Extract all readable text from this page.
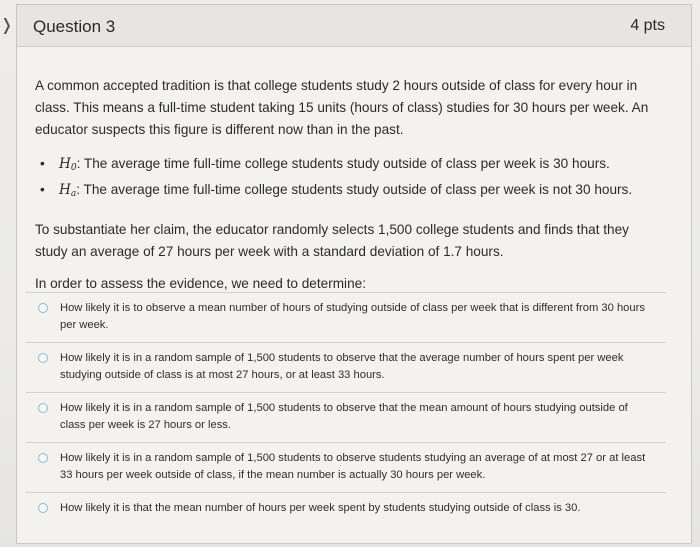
❭ Question 3	4 pts

A common accepted tradition is that college students study 2 hours outside of class for every hour in class. This means a full-time student taking 15 units (hours of class) studies for 30 hours per week. An educator suspects this figure is different now than in the past.

• $H_0$: The average time full-time college students study outside of class per week is 30 hours.
• $H_a$: The average time full-time college students study outside of class per week is not 30 hours.

To substantiate her claim, the educator randomly selects 1,500 college students and finds that they study an average of 27 hours per week with a standard deviation of 1.7 hours.

In order to assess the evidence, we need to determine:

How likely it is to observe a mean number of hours of studying outside of class per week that is different from 30 hours per week.
How likely it is in a random sample of 1,500 students to observe that the average number of hours spent per week studying outside of class is at most 27 hours, or at least 33 hours.
How likely it is in a random sample of 1,500 students to observe that the mean amount of hours studying outside of class per week is 27 hours or less.
How likely it is in a random sample of 1,500 students to observe students studying an average of at most 27 or at least 33 hours per week outside of class, if the mean number is actually 30 hours per week.
How likely it is that the mean number of hours per week spent by students studying outside of class is 30.
